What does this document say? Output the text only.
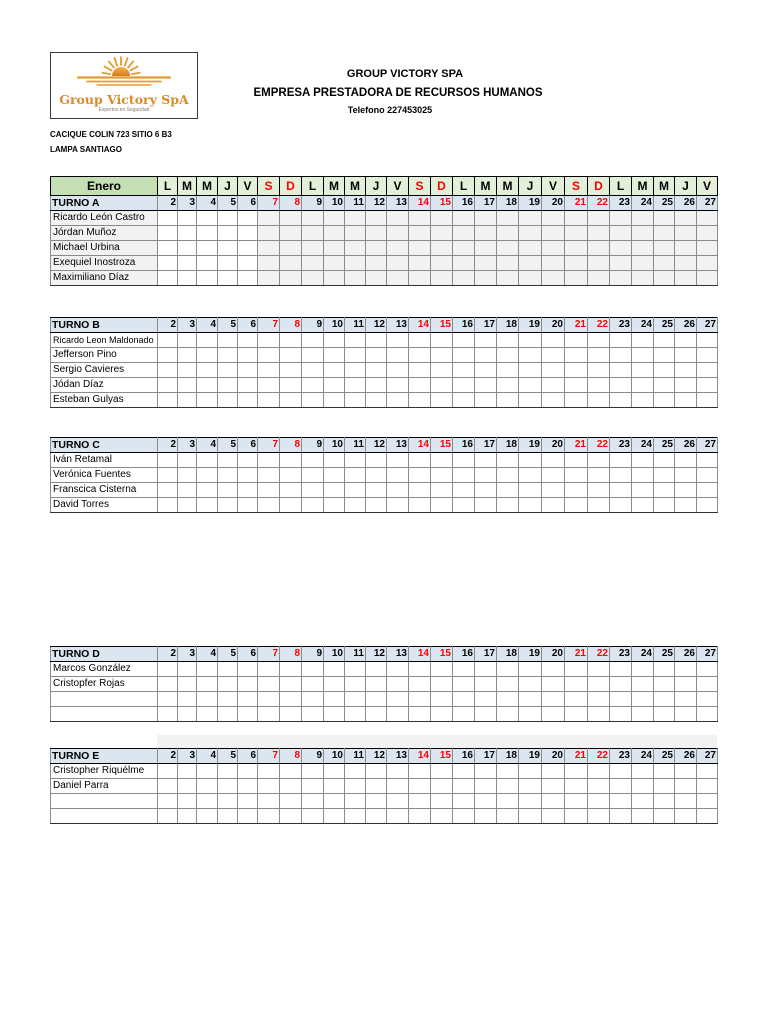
Group Victory SpA
Expertos en Seguridad
GROUP VICTORY SPA
EMPRESA PRESTADORA DE RECURSOS HUMANOS
Telefono 227453025
CACIQUE COLIN 723 SITIO 6 B3
LAMPA SANTIAGO
Enero	L	M	M	J	V	S	D	L	M	M	J	V	S	D	L	M	M	J	V	S	D	L	M	M	J	V
TURNO A	2	3	4	5	6	7	8	9	10	11	12	13	14	15	16	17	18	19	20	21	22	23	24	25	26	27
Ricardo León Castro																										
Jórdan Muñoz																										
Michael Urbina																										
Exequiel Inostroza																										
Maximiliano Díaz																										
TURNO B	2	3	4	5	6	7	8	9	10	11	12	13	14	15	16	17	18	19	20	21	22	23	24	25	26	27
Ricardo Leon Maldonado																										
Jefferson Pino																										
Sergio Cavieres																										
Jódan Díaz																										
Esteban Gulyas																										
TURNO C	2	3	4	5	6	7	8	9	10	11	12	13	14	15	16	17	18	19	20	21	22	23	24	25	26	27
Iván Retamal																										
Verónica Fuentes																										
Franscica Cisterna																										
David Torres																										
TURNO D	2	3	4	5	6	7	8	9	10	11	12	13	14	15	16	17	18	19	20	21	22	23	24	25	26	27
Marcos González																										
Cristopfer Rojas																										

TURNO E	2	3	4	5	6	7	8	9	10	11	12	13	14	15	16	17	18	19	20	21	22	23	24	25	26	27
Cristopher Riquélme																										
Daniel Parra																										
